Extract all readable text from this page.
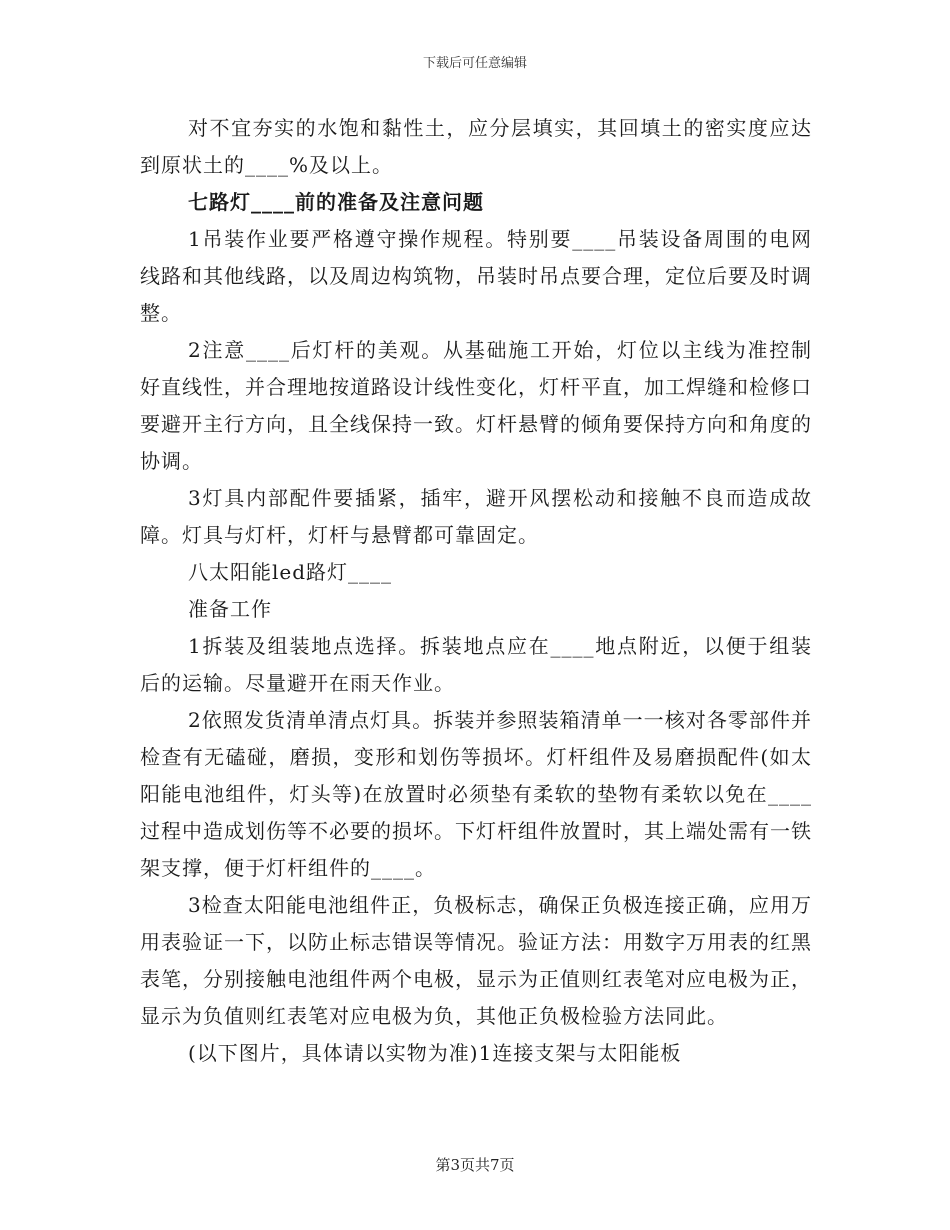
下载后可任意编辑

对不宜夯实的水饱和黏性土，应分层填实，其回填土的密实度应达到原状土的____%及以上。

七路灯____前的准备及注意问题

1吊装作业要严格遵守操作规程。特别要____吊装设备周围的电网线路和其他线路，以及周边构筑物，吊装时吊点要合理，定位后要及时调整。

2注意____后灯杆的美观。从基础施工开始，灯位以主线为准控制好直线性，并合理地按道路设计线性变化，灯杆平直，加工焊缝和检修口要避开主行方向，且全线保持一致。灯杆悬臂的倾角要保持方向和角度的协调。

3灯具内部配件要插紧，插牢，避开风摆松动和接触不良而造成故障。灯具与灯杆，灯杆与悬臂都可靠固定。

八太阳能led路灯____

准备工作

1拆装及组装地点选择。拆装地点应在____地点附近，以便于组装后的运输。尽量避开在雨天作业。

2依照发货清单清点灯具。拆装并参照装箱清单一一核对各零部件并检查有无磕碰，磨损，变形和划伤等损坏。灯杆组件及易磨损配件(如太阳能电池组件，灯头等)在放置时必须垫有柔软的垫物有柔软以免在____过程中造成划伤等不必要的损坏。下灯杆组件放置时，其上端处需有一铁架支撑，便于灯杆组件的____。

3检查太阳能电池组件正，负极标志，确保正负极连接正确，应用万用表验证一下，以防止标志错误等情况。验证方法：用数字万用表的红黑表笔，分别接触电池组件两个电极，显示为正值则红表笔对应电极为正，显示为负值则红表笔对应电极为负，其他正负极检验方法同此。

(以下图片，具体请以实物为准)1连接支架与太阳能板

第3页共7页
